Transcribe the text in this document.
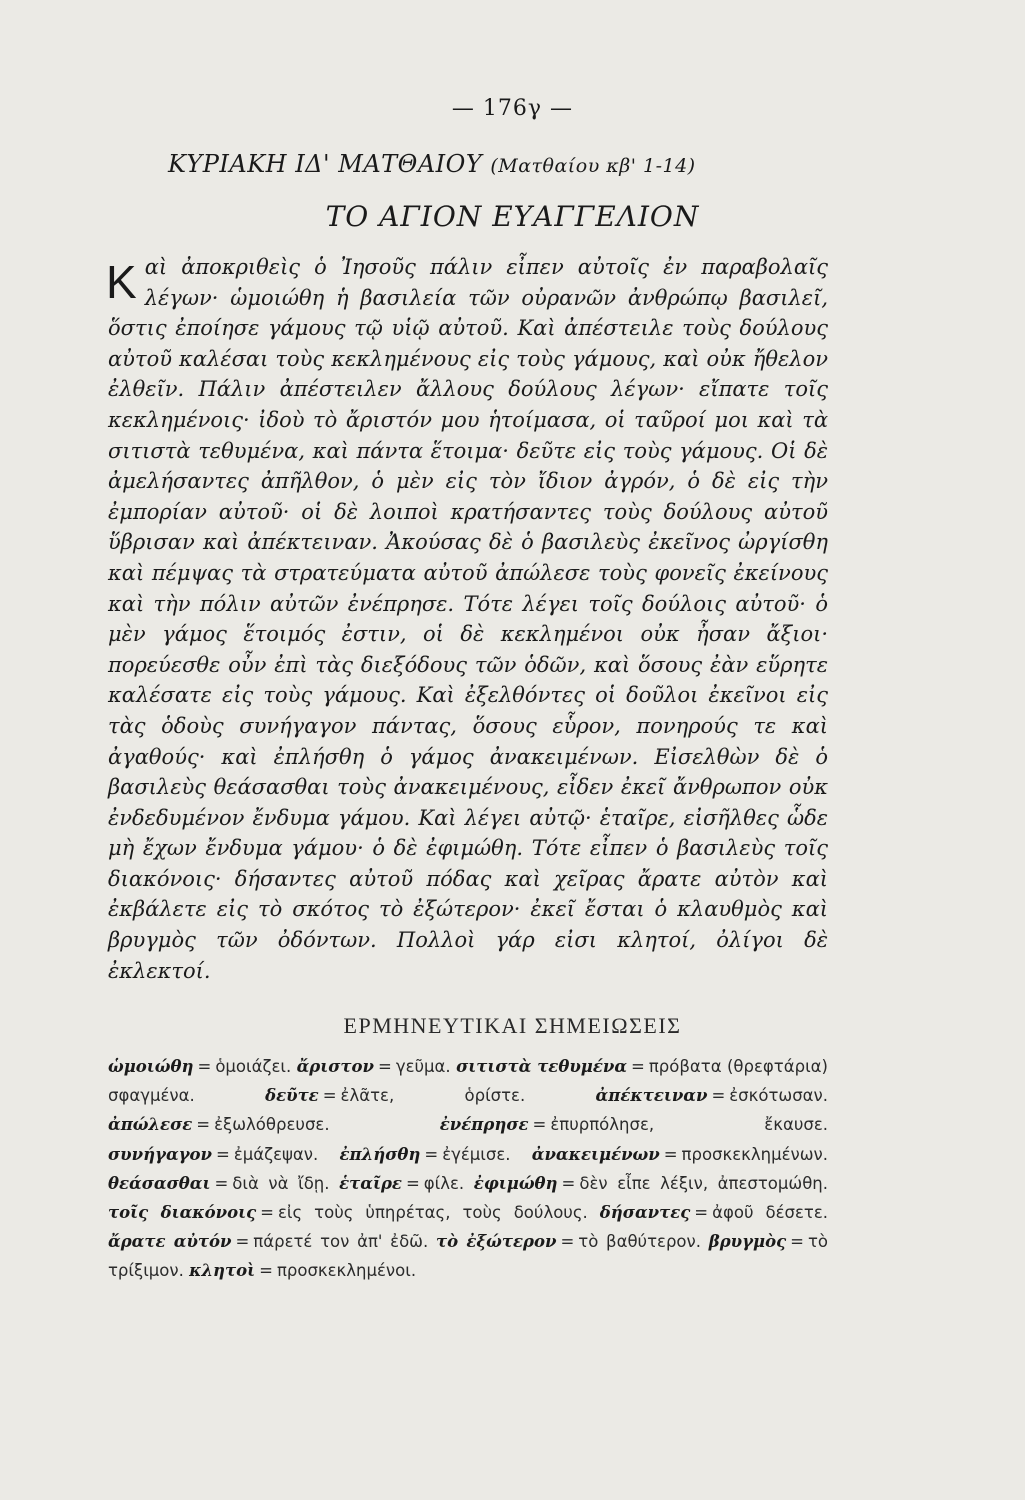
— 176γ —
ΚΥΡΙΑΚΗ ΙΔ' ΜΑΤΘΑΙΟΥ (Ματθαίου κβ' 1-14)
ΤΟ ΑΓΙΟΝ ΕΥΑΓΓΕΛΙΟΝ
Καὶ ἀποκριθεὶς ὁ Ἰησοῦς πάλιν εἶπεν αὐτοῖς ἐν παραβολαῖς λέγων· ὡμοιώθη ἡ βασιλεία τῶν οὐρανῶν ἀνθρώπῳ βασιλεῖ, ὅστις ἐποίησε γάμους τῷ υἱῷ αὐτοῦ. Καὶ ἀπέστειλε τοὺς δούλους αὐτοῦ καλέσαι τοὺς κεκλημένους εἰς τοὺς γάμους, καὶ οὐκ ἤθελον ἐλθεῖν. Πάλιν ἀπέστειλεν ἄλλους δούλους λέγων· εἴπατε τοῖς κεκλημένοις· ἰδοὺ τὸ ἄριστόν μου ἡτοίμασα, οἱ ταῦροί μοι καὶ τὰ σιτιστὰ τεθυμένα, καὶ πάντα ἕτοιμα· δεῦτε εἰς τοὺς γάμους. Οἱ δὲ ἀμελήσαντες ἀπῆλθον, ὁ μὲν εἰς τὸν ἴδιον ἀγρόν, ὁ δὲ εἰς τὴν ἐμπορίαν αὐτοῦ· οἱ δὲ λοιποὶ κρατήσαντες τοὺς δούλους αὐτοῦ ὕβρισαν καὶ ἀπέκτειναν. Ἀκούσας δὲ ὁ βασιλεὺς ἐκεῖνος ὠργίσθη καὶ πέμψας τὰ στρατεύματα αὐτοῦ ἀπώλεσε τοὺς φονεῖς ἐκείνους καὶ τὴν πόλιν αὐτῶν ἐνέπρησε. Τότε λέγει τοῖς δούλοις αὐτοῦ· ὁ μὲν γάμος ἕτοιμός ἐστιν, οἱ δὲ κεκλημένοι οὐκ ἦσαν ἄξιοι· πορεύεσθε οὖν ἐπὶ τὰς διεξόδους τῶν ὁδῶν, καὶ ὅσους ἐὰν εὕρητε καλέσατε εἰς τοὺς γάμους. Καὶ ἐξελθόντες οἱ δοῦλοι ἐκεῖνοι εἰς τὰς ὁδοὺς συνήγαγον πάντας, ὅσους εὗρον, πονηρούς τε καὶ ἀγαθούς· καὶ ἐπλήσθη ὁ γάμος ἀνακειμένων. Εἰσελθὼν δὲ ὁ βασιλεὺς θεάσασθαι τοὺς ἀνακειμένους, εἶδεν ἐκεῖ ἄνθρωπον οὐκ ἐνδεδυμένον ἔνδυμα γάμου. Καὶ λέγει αὐτῷ· ἑταῖρε, εἰσῆλθες ὧδε μὴ ἔχων ἔνδυμα γάμου· ὁ δὲ ἐφιμώθη. Τότε εἶπεν ὁ βασιλεὺς τοῖς διακόνοις· δήσαντες αὐτοῦ πόδας καὶ χεῖρας ἄρατε αὐτὸν καὶ ἐκβάλετε εἰς τὸ σκότος τὸ ἐξώτερον· ἐκεῖ ἔσται ὁ κλαυθμὸς καὶ βρυγμὸς τῶν ὀδόντων. Πολλοὶ γάρ εἰσι κλητοί, ὀλίγοι δὲ ἐκλεκτοί.
ΕΡΜΗΝΕΥΤΙΚΑΙ ΣΗΜΕΙΩΣΕΙΣ
ὡμοιώθη = ὁμοιάζει. ἄριστον = γεῦμα. σιτιστὰ τεθυμένα = πρόβατα (θρεφτάρια) σφαγμένα.	δεῦτε = ἐλᾶτε, ὁρίστε.	ἀπέκτειναν = ἐσκότωσαν. ἀπώλεσε = ἐξωλόθρευσε.	ἐνέπρησε = ἐπυρπόλησε, ἔκαυσε. συνήγαγον = ἐμάζεψαν. ἐπλήσθη = ἐγέμισε. ἀνακειμένων = προσκεκλημένων. θεάσασθαι = διὰ νὰ ἴδῃ. ἑταῖρε = φίλε. ἐφιμώθη = δὲν εἶπε λέξιν, ἀπεστομώθη. τοῖς διακόνοις = εἰς τοὺς ὑπηρέτας, τοὺς δούλους. δήσαντες = ἀφοῦ δέσετε. ἄρατε αὐτόν = πάρετέ τον ἀπ' ἐδῶ. τὸ ἐξώτερον = τὸ βαθύτερον. βρυγμὸς = τὸ τρίξιμον. κλητοὶ = προσκεκλημένοι.
